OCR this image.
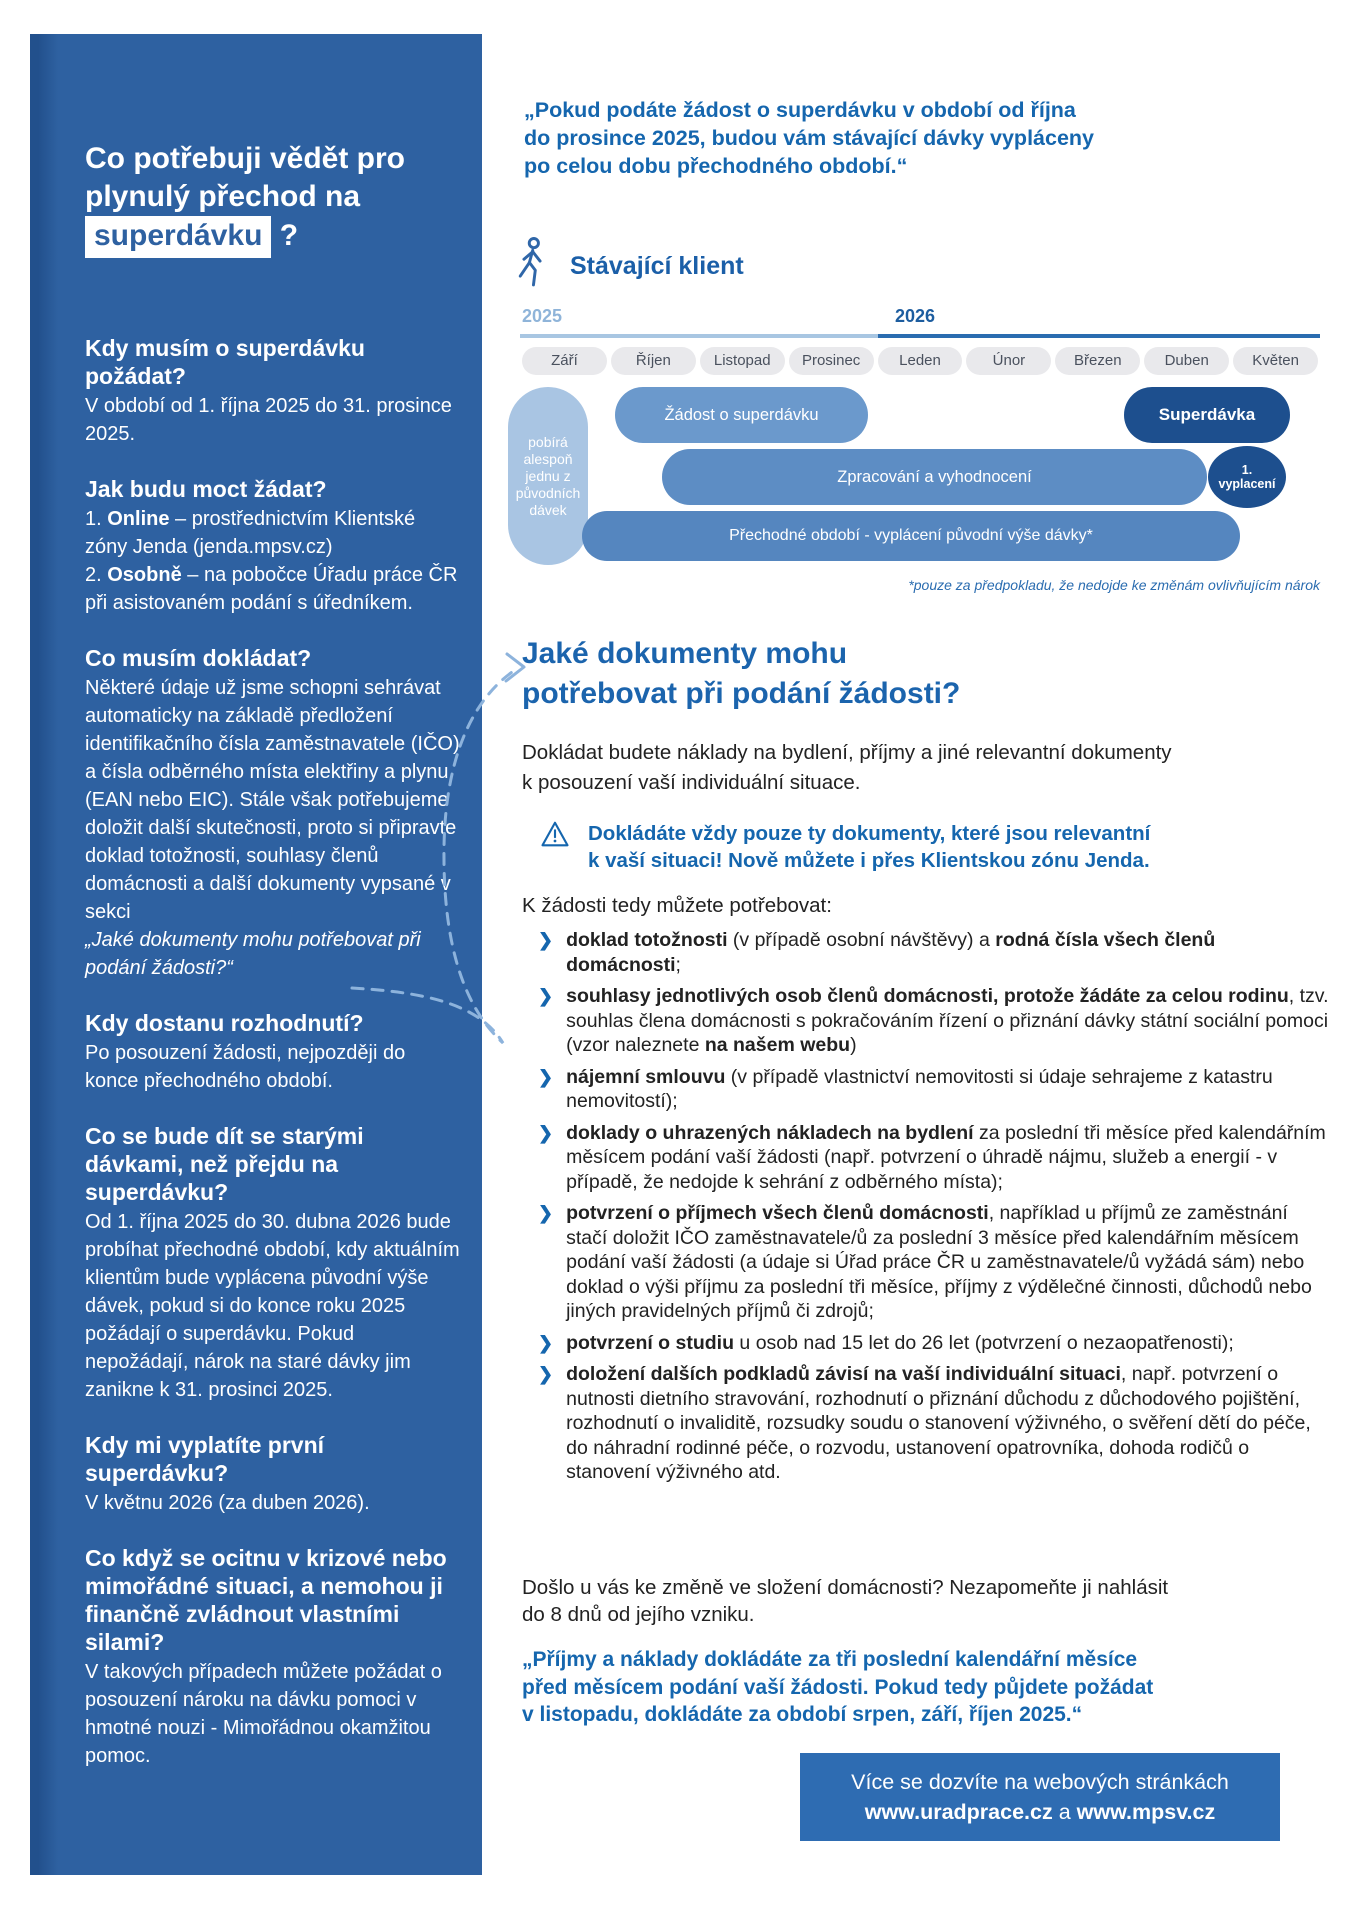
Co potřebuji vědět pro plynulý přechod na superdávku ?
Kdy musím o superdávku požádat?
V období od 1. října 2025 do 31. prosince 2025.
Jak budu moct žádat?
1. Online – prostřednictvím Klientské zóny Jenda (jenda.mpsv.cz)
2. Osobně – na pobočce Úřadu práce ČR při asistovaném podání s úředníkem.
Co musím dokládat?
Některé údaje už jsme schopni sehrávat automaticky na základě předložení identifikačního čísla zaměstnavatele (IČO) a čísla odběrného místa elektřiny a plynu (EAN nebo EIC). Stále však potřebujeme doložit další skutečnosti, proto si připravte doklad totožnosti, souhlasy členů domácnosti a další dokumenty vypsané v sekci
„Jaké dokumenty mohu potřebovat při podání žádosti?“
Kdy dostanu rozhodnutí?
Po posouzení žádosti, nejpozději do konce přechodného období.
Co se bude dít se starými dávkami, než přejdu na superdávku?
Od 1. října 2025 do 30. dubna 2026 bude probíhat přechodné období, kdy aktuálním klientům bude vyplácena původní výše dávek, pokud si do konce roku 2025 požádají o superdávku. Pokud nepožádají, nárok na staré dávky jim zanikne k 31. prosinci 2025.
Kdy mi vyplatíte první superdávku?
V květnu 2026 (za duben 2026).
Co když se ocitnu v krizové nebo mimořádné situaci, a nemohou ji finančně zvládnout vlastními silami?
V takových případech můžete požádat o posouzení nároku na dávku pomoci v hmotné nouzi - Mimořádnou okamžitou pomoc.
„Pokud podáte žádost o superdávku v období od října
do prosince 2025, budou vám stávající dávky vypláceny
po celou dobu přechodného období.“
Stávající klient
2025	2026
Září	Říjen	Listopad	Prosinec	Leden	Únor	Březen	Duben	Květen
pobírá alespoň jednu z původních dávek
Žádost o superdávku	Superdávka
Zpracování a vyhodnocení	1. vyplacení
Přechodné období - vyplácení původní výše dávky*
*pouze za předpokladu, že nedojde ke změnám ovlivňujícím nárok
Jaké dokumenty mohu
potřebovat při podání žádosti?
Dokládat budete náklady na bydlení, příjmy a jiné relevantní dokumenty
k posouzení vaší individuální situace.
Dokládáte vždy pouze ty dokumenty, které jsou relevantní
k vaší situaci! Nově můžete i přes Klientskou zónu Jenda.
K žádosti tedy můžete potřebovat:
❯ doklad totožnosti (v případě osobní návštěvy) a rodná čísla všech členů domácnosti;
❯ souhlasy jednotlivých osob členů domácnosti, protože žádáte za celou rodinu, tzv. souhlas člena domácnosti s pokračováním řízení o přiznání dávky státní sociální pomoci (vzor naleznete na našem webu)
❯ nájemní smlouvu (v případě vlastnictví nemovitosti si údaje sehrajeme z katastru nemovitostí);
❯ doklady o uhrazených nákladech na bydlení za poslední tři měsíce před kalendářním měsícem podání vaší žádosti (např. potvrzení o úhradě nájmu, služeb a energií - v případě, že nedojde k sehrání z odběrného místa);
❯ potvrzení o příjmech všech členů domácnosti, například u příjmů ze zaměstnání stačí doložit IČO zaměstnavatele/ů za poslední 3 měsíce před kalendářním měsícem podání vaší žádosti (a údaje si Úřad práce ČR u zaměstnavatele/ů vyžádá sám) nebo doklad o výši příjmu za poslední tři měsíce, příjmy z výdělečné činnosti, důchodů nebo jiných pravidelných příjmů či zdrojů;
❯ potvrzení o studiu u osob nad 15 let do 26 let (potvrzení o nezaopatřenosti);
❯ doložení dalších podkladů závisí na vaší individuální situaci, např. potvrzení o nutnosti dietního stravování, rozhodnutí o přiznání důchodu z důchodového pojištění, rozhodnutí o invaliditě, rozsudky soudu o stanovení výživného, o svěření dětí do péče, do náhradní rodinné péče, o rozvodu, ustanovení opatrovníka, dohoda rodičů o stanovení výživného atd.
Došlo u vás ke změně ve složení domácnosti? Nezapomeňte ji nahlásit
do 8 dnů od jejího vzniku.
„Příjmy a náklady dokládáte za tři poslední kalendářní měsíce
před měsícem podání vaší žádosti. Pokud tedy půjdete požádat
v listopadu, dokládáte za období srpen, září, říjen 2025.“
Více se dozvíte na webových stránkách
www.uradprace.cz a www.mpsv.cz
